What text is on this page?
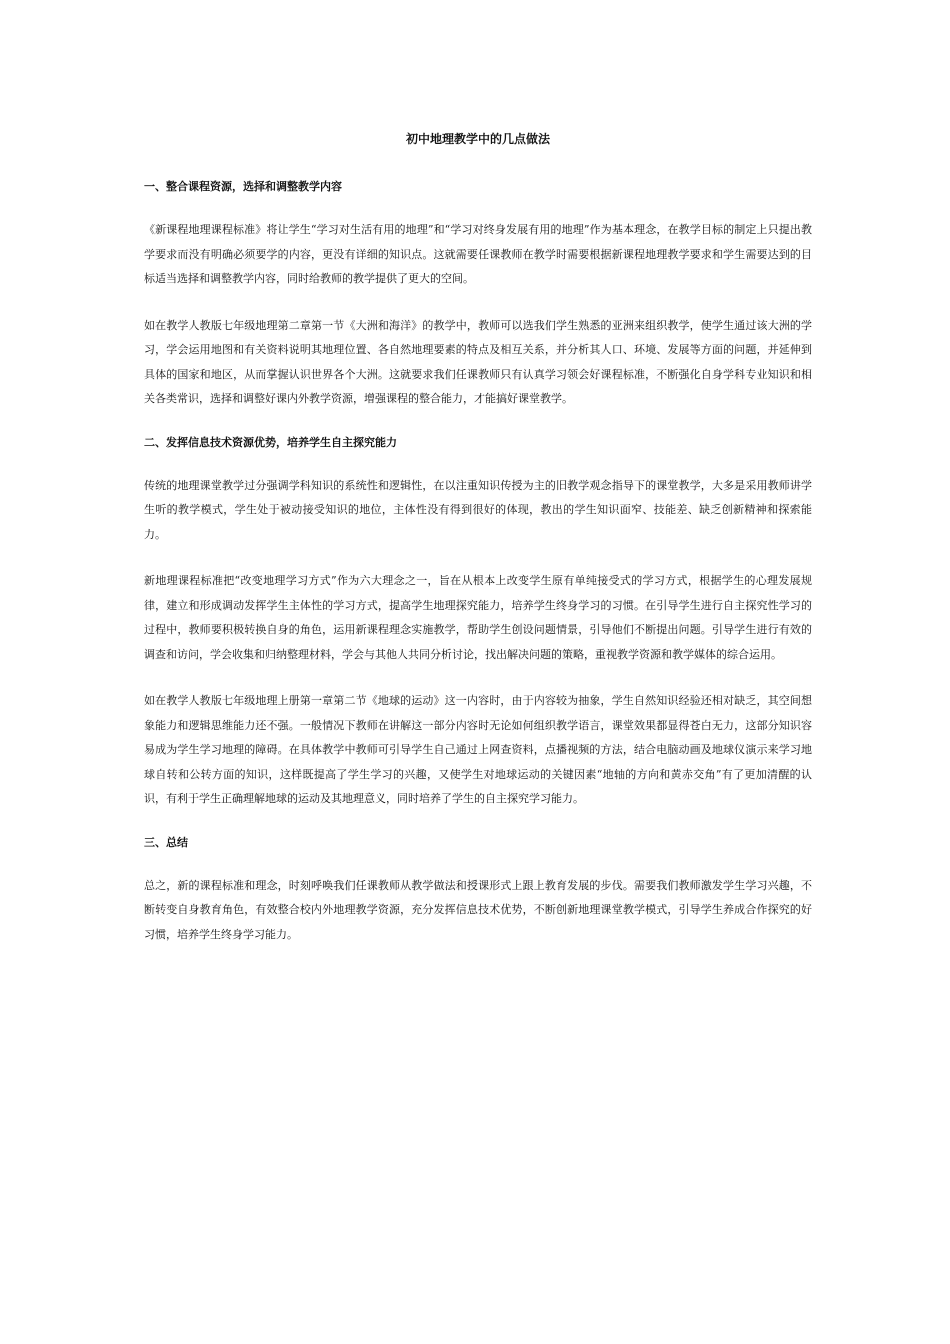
初中地理教学中的几点做法
一、整合课程资源，选择和调整教学内容

《新课程地理课程标准》将让学生“学习对生活有用的地理”和“学习对终身发展有用的地理”作为基本理念，在教学目标的制定上只提出教学要求而没有明确必须要学的内容，更没有详细的知识点。这就需要任课教师在教学时需要根据新课程地理教学要求和学生需要达到的目标适当选择和调整教学内容，同时给教师的教学提供了更大的空间。

如在教学人教版七年级地理第二章第一节《大洲和海洋》的教学中，教师可以选我们学生熟悉的亚洲来组织教学，使学生通过该大洲的学习，学会运用地图和有关资料说明其地理位置、各自然地理要素的特点及相互关系，并分析其人口、环境、发展等方面的问题，并延伸到具体的国家和地区，从而掌握认识世界各个大洲。这就要求我们任课教师只有认真学习领会好课程标准，不断强化自身学科专业知识和相关各类常识，选择和调整好课内外教学资源，增强课程的整合能力，才能搞好课堂教学。

二、发挥信息技术资源优势，培养学生自主探究能力

传统的地理课堂教学过分强调学科知识的系统性和逻辑性，在以注重知识传授为主的旧教学观念指导下的课堂教学，大多是采用教师讲学生听的教学模式，学生处于被动接受知识的地位，主体性没有得到很好的体现，教出的学生知识面窄、技能差、缺乏创新精神和探索能力。

新地理课程标准把“改变地理学习方式”作为六大理念之一，旨在从根本上改变学生原有单纯接受式的学习方式，根据学生的心理发展规律，建立和形成调动发挥学生主体性的学习方式，提高学生地理探究能力，培养学生终身学习的习惯。在引导学生进行自主探究性学习的过程中，教师要积极转换自身的角色，运用新课程理念实施教学，帮助学生创设问题情景，引导他们不断提出问题。引导学生进行有效的调查和访问，学会收集和归纳整理材料，学会与其他人共同分析讨论，找出解决问题的策略，重视教学资源和教学媒体的综合运用。

如在教学人教版七年级地理上册第一章第二节《地球的运动》这一内容时，由于内容较为抽象，学生自然知识经验还相对缺乏，其空间想象能力和逻辑思维能力还不强。一般情况下教师在讲解这一部分内容时无论如何组织教学语言，课堂效果都显得苍白无力，这部分知识容易成为学生学习地理的障碍。在具体教学中教师可引导学生自己通过上网查资料，点播视频的方法，结合电脑动画及地球仪演示来学习地球自转和公转方面的知识，这样既提高了学生学习的兴趣，又使学生对地球运动的关键因素“地轴的方向和黄赤交角”有了更加清醒的认识，有利于学生正确理解地球的运动及其地理意义，同时培养了学生的自主探究学习能力。

三、总结

总之，新的课程标准和理念，时刻呼唤我们任课教师从教学做法和授课形式上跟上教育发展的步伐。需要我们教师激发学生学习兴趣，不断转变自身教育角色，有效整合校内外地理教学资源，充分发挥信息技术优势，不断创新地理课堂教学模式，引导学生养成合作探究的好习惯，培养学生终身学习能力。
